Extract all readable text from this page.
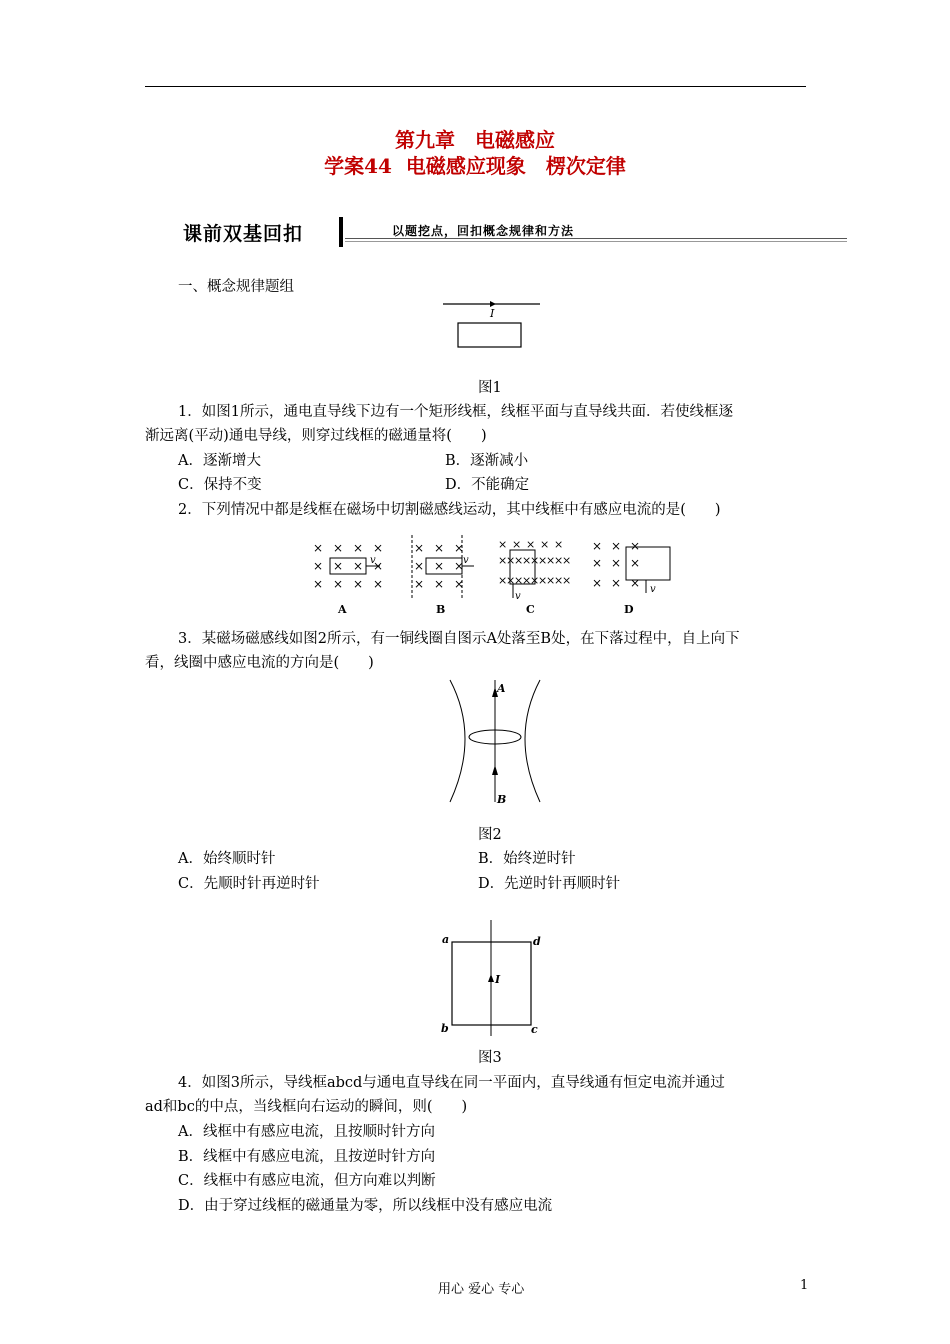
第九章　电磁感应
学案44  电磁感应现象　楞次定律
课前双基回扣	以题挖点，回扣概念规律和方法
一、概念规律题组
I
图1
1．如图1所示，通电直导线下边有一个矩形线框，线框平面与直导线共面．若使线框逐
渐远离(平动)通电导线，则穿过线框的磁通量将(　　)
A．逐渐增大	B．逐渐减小
C．保持不变	D．不能确定
2．下列情况中都是线框在磁场中切割磁感线运动，其中线框中有感应电流的是(　　)
× × × ×
× × × ×
× × × ×
v
A
× × ×
× × ×
× × ×
v
B
× × × × ×
×
×
×
×
×
×
×
×
×
×
×
×
×
×
×
×
×
×
v
C
× × ×
× × ×
× × × v
D
3．某磁场磁感线如图2所示，有一铜线圈自图示A处落至B处，在下落过程中，自上向下
看，线圈中感应电流的方向是(　　)
A
B
图2
A．始终顺时针	B．始终逆时针
C．先顺时针再逆时针	D．先逆时针再顺时针
I
a	d
b	c
图3
4．如图3所示，导线框abcd与通电直导线在同一平面内，直导线通有恒定电流并通过
ad和bc的中点，当线框向右运动的瞬间，则(　　)
A．线框中有感应电流，且按顺时针方向
B．线框中有感应电流，且按逆时针方向
C．线框中有感应电流，但方向难以判断
D．由于穿过线框的磁通量为零，所以线框中没有感应电流
用心 爱心 专心	1
